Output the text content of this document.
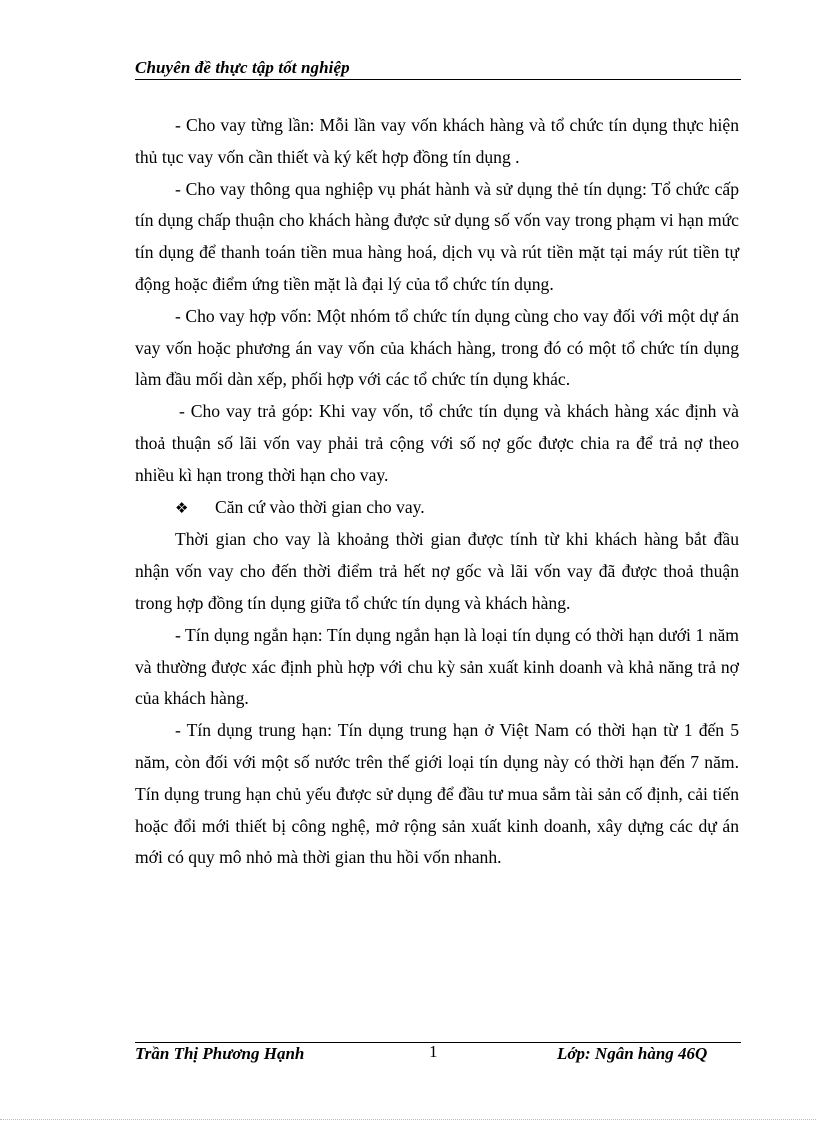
Chuyên đề thực tập tốt nghiệp

- Cho vay từng lần: Mỗi lần vay vốn khách hàng và tổ chức tín dụng thực hiện thủ tục vay vốn cần thiết và ký kết hợp đồng tín dụng .

- Cho vay thông qua nghiệp vụ phát hành và sử dụng thẻ tín dụng: Tổ chức cấp tín dụng chấp thuận cho khách hàng được sử dụng số vốn vay trong phạm vi hạn mức tín dụng để thanh toán tiền mua hàng hoá, dịch vụ và rút tiền mặt tại máy rút tiền tự động hoặc điểm ứng tiền mặt là đại lý của tổ chức tín dụng.

- Cho vay hợp vốn: Một nhóm tổ chức tín dụng cùng cho vay đối với một dự án vay vốn hoặc phương án vay vốn của khách hàng, trong đó có một tổ chức tín dụng làm đầu mối dàn xếp, phối hợp với các tổ chức tín dụng khác.

- Cho vay trả góp: Khi vay vốn, tổ chức tín dụng và khách hàng xác định và thoả thuận số lãi vốn vay phải trả cộng với số nợ gốc được chia ra để trả nợ theo nhiều kì hạn trong thời hạn cho vay.

❖ Căn cứ vào thời gian cho vay.

Thời gian cho vay là khoảng thời gian được tính từ khi khách hàng bắt đầu nhận vốn vay cho đến thời điểm trả hết nợ gốc và lãi vốn vay đã được thoả thuận trong hợp đồng tín dụng giữa tổ chức tín dụng và khách hàng.

- Tín dụng ngắn hạn: Tín dụng ngắn hạn là loại tín dụng có thời hạn dưới 1 năm và thường được xác định phù hợp với chu kỳ sản xuất kinh doanh và khả năng trả nợ của khách hàng.

- Tín dụng trung hạn: Tín dụng trung hạn ở Việt Nam có thời hạn từ 1 đến 5 năm, còn đối với một số nước trên thế giới loại tín dụng này có thời hạn đến 7 năm. Tín dụng trung hạn chủ yếu được sử dụng để đầu tư mua sắm tài sản cố định, cải tiến hoặc đổi mới thiết bị công nghệ, mở rộng sản xuất kinh doanh, xây dựng các dự án mới có quy mô nhỏ mà thời gian thu hồi vốn nhanh.

Trần Thị Phương Hạnh	1	Lớp: Ngân hàng 46Q
